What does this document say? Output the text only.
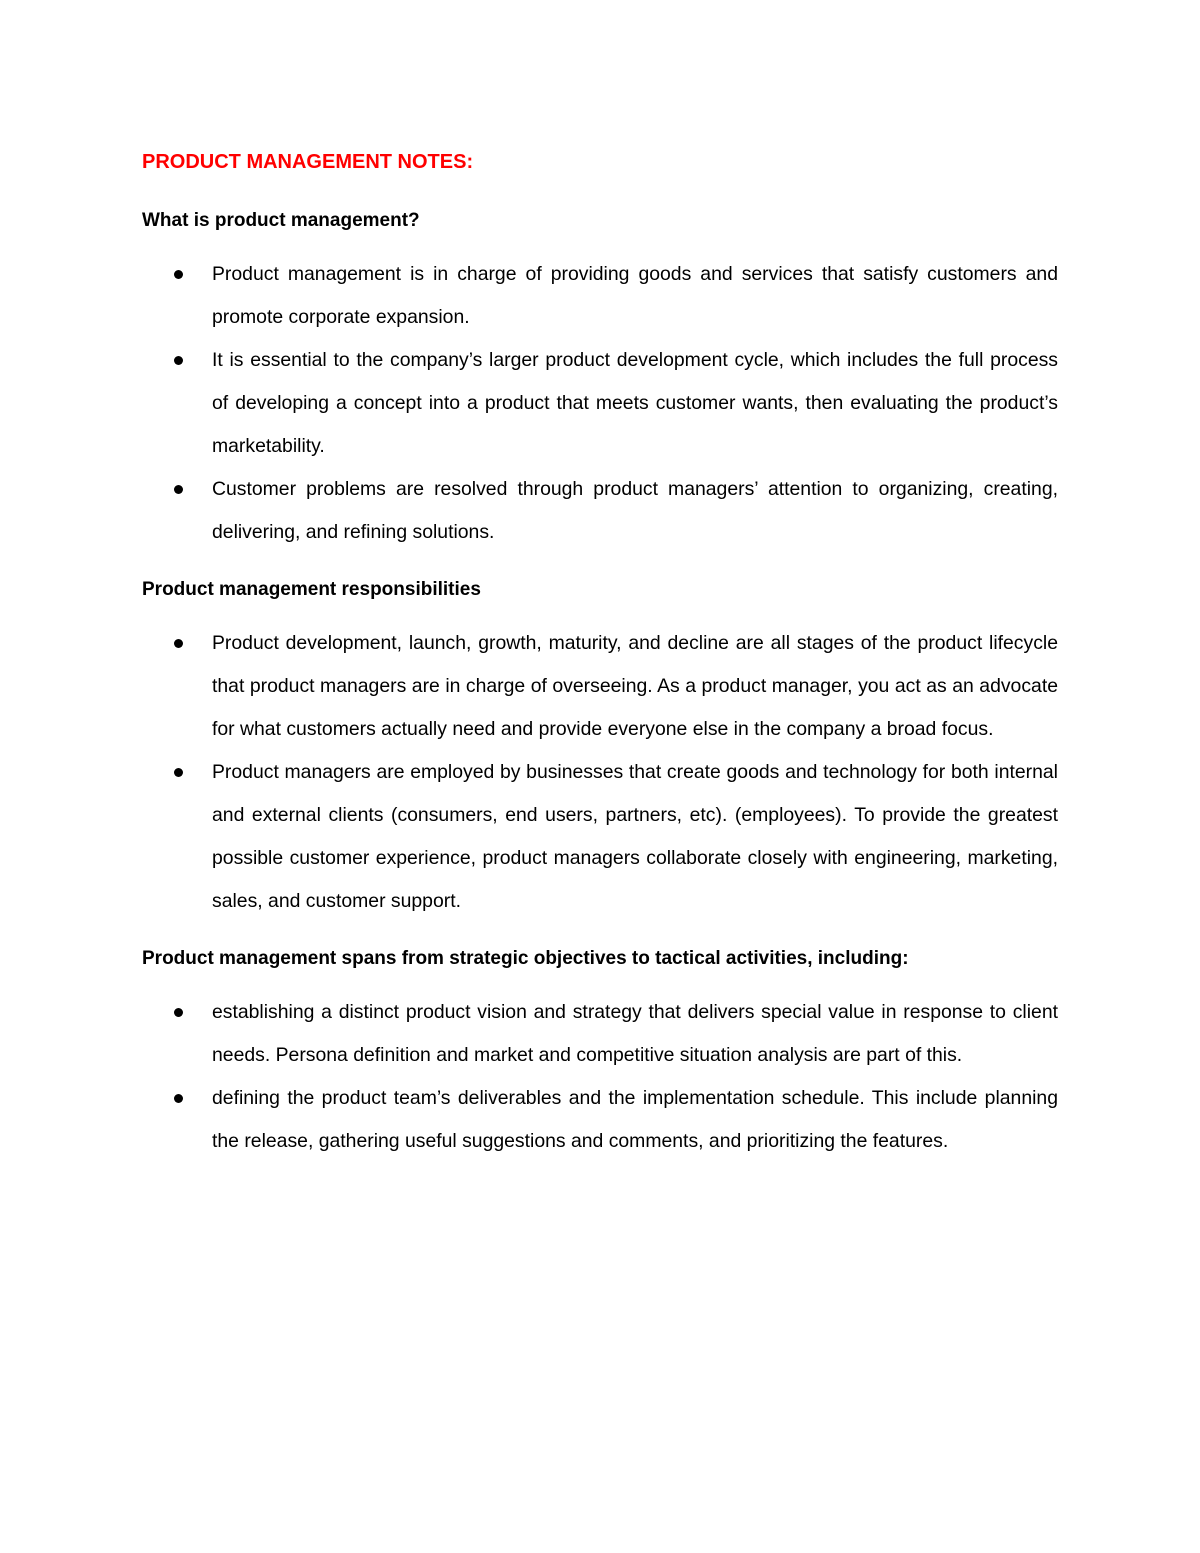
PRODUCT MANAGEMENT NOTES:
What is product management?
Product management is in charge of providing goods and services that satisfy customers and promote corporate expansion.
It is essential to the company’s larger product development cycle, which includes the full process of developing a concept into a product that meets customer wants, then evaluating the product’s marketability.
Customer problems are resolved through product managers’ attention to organizing, creating, delivering, and refining solutions.
Product management responsibilities
Product development, launch, growth, maturity, and decline are all stages of the product lifecycle that product managers are in charge of overseeing. As a product manager, you act as an advocate for what customers actually need and provide everyone else in the company a broad focus.
Product managers are employed by businesses that create goods and technology for both internal and external clients (consumers, end users, partners, etc). (employees). To provide the greatest possible customer experience, product managers collaborate closely with engineering, marketing, sales, and customer support.
Product management spans from strategic objectives to tactical activities, including:
establishing a distinct product vision and strategy that delivers special value in response to client needs. Persona definition and market and competitive situation analysis are part of this.
defining the product team’s deliverables and the implementation schedule. This include planning the release, gathering useful suggestions and comments, and prioritizing the features.
